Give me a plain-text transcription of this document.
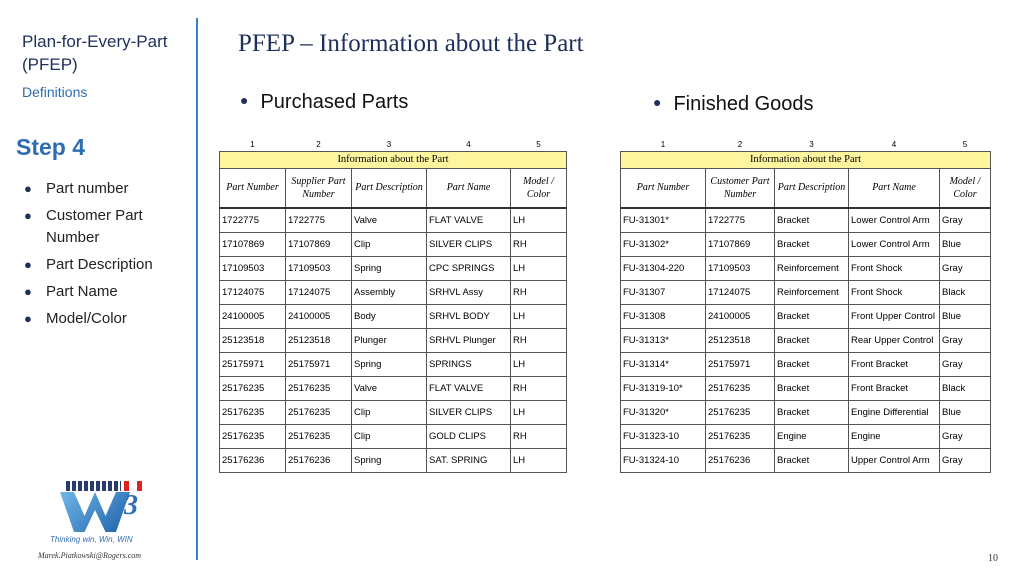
Plan-for-Every-Part (PFEP)
Definitions
Step 4
● Part number
● Customer Part Number
● Part Description
● Part Name
● Model/Color
3
Thinking win, Win, WIN
Marek.Piatkowski@Rogers.com
PFEP – Information about the Part
● Purchased Parts	● Finished Goods
1	2	3	4	5
Information about the Part				
Part Number	Supplier Part Number	Part Description	Part Name	Model / Color
1722775	1722775	Valve	FLAT VALVE	LH
17107869	17107869	Clip	SILVER CLIPS	RH
17109503	17109503	Spring	CPC SPRINGS	LH
17124075	17124075	Assembly	SRHVL Assy	RH
24100005	24100005	Body	SRHVL BODY	LH
25123518	25123518	Plunger	SRHVL Plunger	RH
25175971	25175971	Spring	SPRINGS	LH
25176235	25176235	Valve	FLAT VALVE	RH
25176235	25176235	Clip	SILVER CLIPS	LH
25176235	25176235	Clip	GOLD CLIPS	RH
25176236	25176236	Spring	SAT. SPRING	LH
1	2	3	4	5
Information about the Part				
Part Number	Customer Part Number	Part Description	Part Name	Model / Color
FU-31301*	1722775	Bracket	Lower Control Arm	Gray
FU-31302*	17107869	Bracket	Lower Control Arm	Blue
FU-31304-220	17109503	Reinforcement	Front Shock	Gray
FU-31307	17124075	Reinforcement	Front Shock	Black
FU-31308	24100005	Bracket	Front Upper Control	Blue
FU-31313*	25123518	Bracket	Rear Upper Control	Gray
FU-31314*	25175971	Bracket	Front Bracket	Gray
FU-31319-10*	25176235	Bracket	Front Bracket	Black
FU-31320*	25176235	Bracket	Engine Differential	Blue
FU-31323-10	25176235	Engine	Engine	Gray
FU-31324-10	25176236	Bracket	Upper Control Arm	Gray
10
